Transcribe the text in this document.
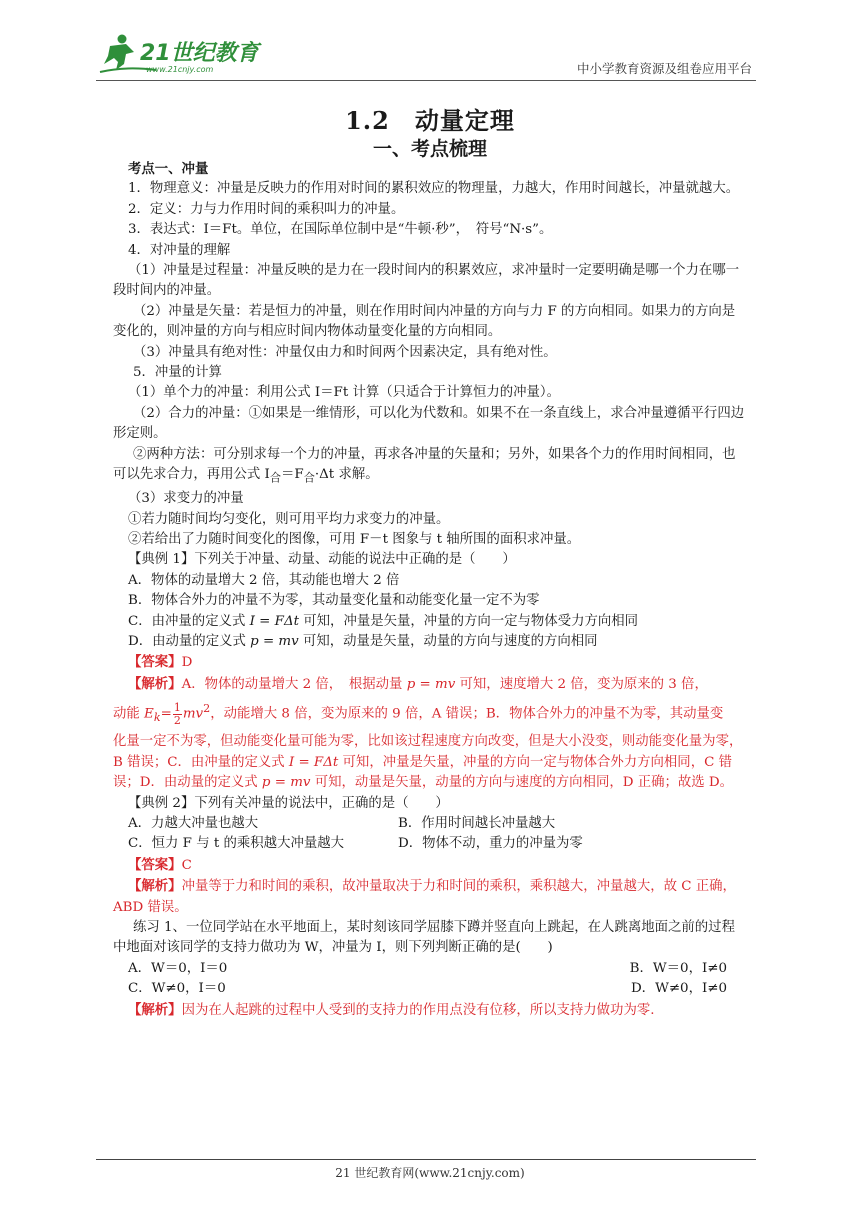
21世纪教育
www.21cnjy.com	中小学教育资源及组卷应用平台
1.2　动量定理
一、考点梳理

考点一、冲量

1．物理意义：冲量是反映力的作用对时间的累积效应的物理量，力越大，作用时间越长，冲量就越大。

2．定义：力与力作用时间的乘积叫力的冲量。

3．表达式：I＝Ft。单位，在国际单位制中是“牛顿·秒”，　符号“N·s”。

4．对冲量的理解

（1）冲量是过程量：冲量反映的是力在一段时间内的积累效应，求冲量时一定要明确是哪一个力在哪一段时间内的冲量。

（2）冲量是矢量：若是恒力的冲量，则在作用时间内冲量的方向与力 F 的方向相同。如果力的方向是变化的，则冲量的方向与相应时间内物体动量变化量的方向相同。

（3）冲量具有绝对性：冲量仅由力和时间两个因素决定，具有绝对性。

5．冲量的计算

（1）单个力的冲量：利用公式 I＝Ft 计算（只适合于计算恒力的冲量）。

（2）合力的冲量：①如果是一维情形，可以化为代数和。如果不在一条直线上，求合冲量遵循平行四边形定则。

②两种方法：可分别求每一个力的冲量，再求各冲量的矢量和；另外，如果各个力的作用时间相同，也可以先求合力，再用公式 $I_合=F_合\cdot\Delta t$ 求解。

（3）求变力的冲量

①若力随时间均匀变化，则可用平均力求变力的冲量。

②若给出了力随时间变化的图像，可用 F－t 图象与 t 轴所围的面积求冲量。

【典例 1】下列关于冲量、动量、动能的说法中正确的是（　　）

A．物体的动量增大 2 倍，其动能也增大 2 倍

B．物体合外力的冲量不为零，其动量变化量和动能变化量一定不为零

C．由冲量的定义式 I = FΔt 可知，冲量是矢量，冲量的方向一定与物体受力方向相同

D．由动量的定义式 p = mv 可知，动量是矢量，动量的方向与速度的方向相同

【答案】D

【解析】A．物体的动量增大 2 倍，　根据动量 p = mv 可知，速度增大 2 倍，变为原来的 3 倍，

动能 $E_k= \frac{1}{2} mv^2$，动能增大 8 倍，变为原来的 9 倍，A 错误；B．物体合外力的冲量不为零，其动量变

化量一定不为零，但动能变化量可能为零，比如该过程速度方向改变，但是大小没变，则动能变化量为零，B 错误；C．由冲量的定义式 I = FΔt 可知，冲量是矢量，冲量的方向一定与物体合外力方向相同，C 错误；D．由动量的定义式 p = mv 可知，动量是矢量，动量的方向与速度的方向相同，D 正确；故选 D。

【典例 2】下列有关冲量的说法中，正确的是（　　）

A．力越大冲量也越大	B．作用时间越长冲量越大
C．恒力 F 与 t 的乘积越大冲量越大	D．物体不动，重力的冲量为零

【答案】C

【解析】冲量等于力和时间的乘积，故冲量取决于力和时间的乘积，乘积越大，冲量越大，故 C 正确，ABD 错误。

练习 1、一位同学站在水平地面上，某时刻该同学屈膝下蹲并竖直向上跳起，在人跳离地面之前的过程中地面对该同学的支持力做功为 W，冲量为 I，则下列判断正确的是(　　)

A．W＝0，I＝0	B．W＝0，I≠0
C．W≠0，I＝0	D．W≠0，I≠0

【解析】因为在人起跳的过程中人受到的支持力的作用点没有位移，所以支持力做功为零.

21 世纪教育网(www.21cnjy.com)
